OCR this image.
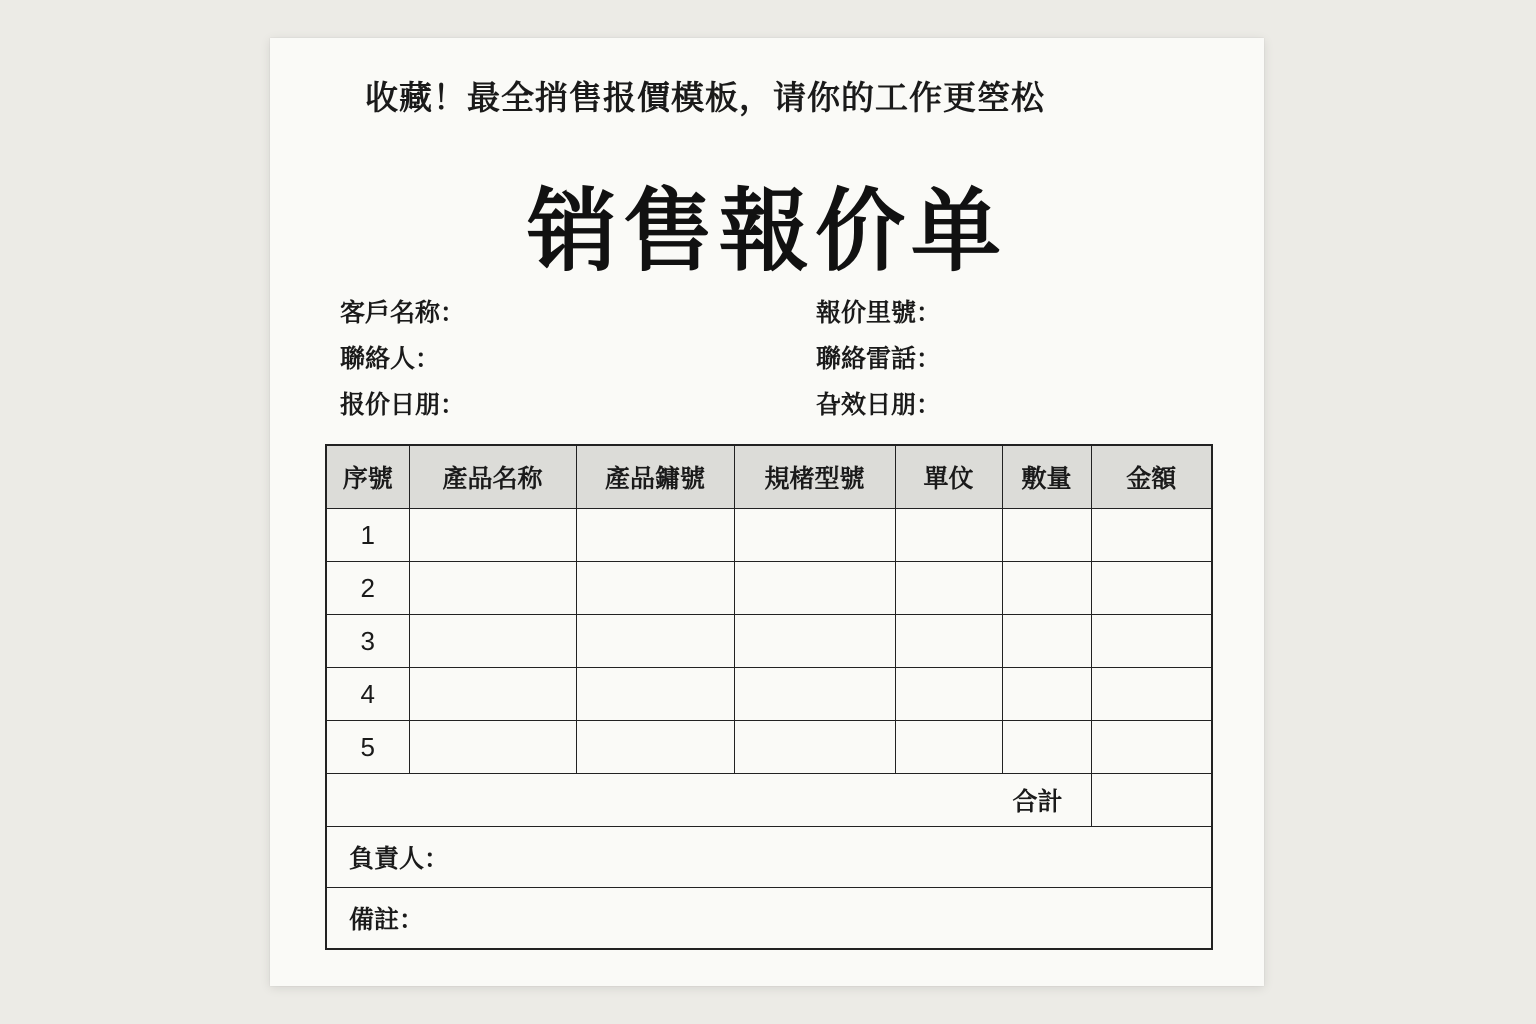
收藏！最全捎售报價模板，请你的工作更箜松
销售報价单
客戶名称：	報价里號：
聯絡人：	聯絡雷話：
报价日朋：	旮效日朋：
序號	產品名称	產品鏞號	規楮型號	單伩	敷量	金額
1						
2						
3						
4						
5						
合計						
負責人：						
備註：						
